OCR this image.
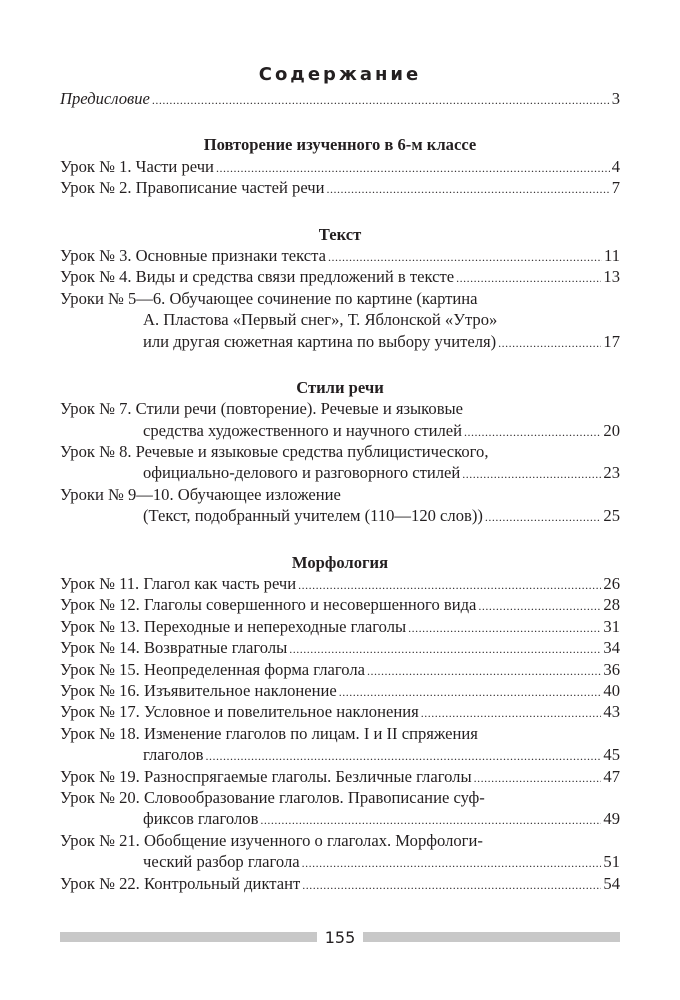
Содержание
Предисловие .....	3
Повторение изученного в 6-м классе
Урок № 1. Части речи .....	4
Урок № 2. Правописание частей речи .....	7
Текст
Урок № 3. Основные признаки текста .....	11
Урок № 4. Виды и средства связи предложений в тексте .....	13
Уроки № 5—6. Обучающее сочинение по картине (картина
А. Пластова «Первый снег», Т. Яблонской «Утро»
или другая сюжетная картина по выбору учителя) .....	17
Стили речи
Урок № 7. Стили речи (повторение). Речевые и языковые
средства художественного и научного стилей .....	20
Урок № 8. Речевые и языковые средства публицистического,
официально-делового и разговорного стилей .....	23
Уроки № 9—10. Обучающее изложение
(Текст, подобранный учителем (110—120 слов)) .....	25
Морфология
Урок № 11. Глагол как часть речи .....	26
Урок № 12. Глаголы совершенного и несовершенного вида .....	28
Урок № 13. Переходные и непереходные глаголы .....	31
Урок № 14. Возвратные глаголы .....	34
Урок № 15. Неопределенная форма глагола .....	36
Урок № 16. Изъявительное наклонение .....	40
Урок № 17. Условное и повелительное наклонения .....	43
Урок № 18. Изменение глаголов по лицам. I и II спряжения
глаголов .....	45
Урок № 19. Разноспрягаемые глаголы. Безличные глаголы .....	47
Урок № 20. Словообразование глаголов. Правописание суф-
фиксов глаголов .....	49
Урок № 21. Обобщение изученного о глаголах. Морфологи-
ческий разбор глагола .....	51
Урок № 22. Контрольный диктант .....	54
155
